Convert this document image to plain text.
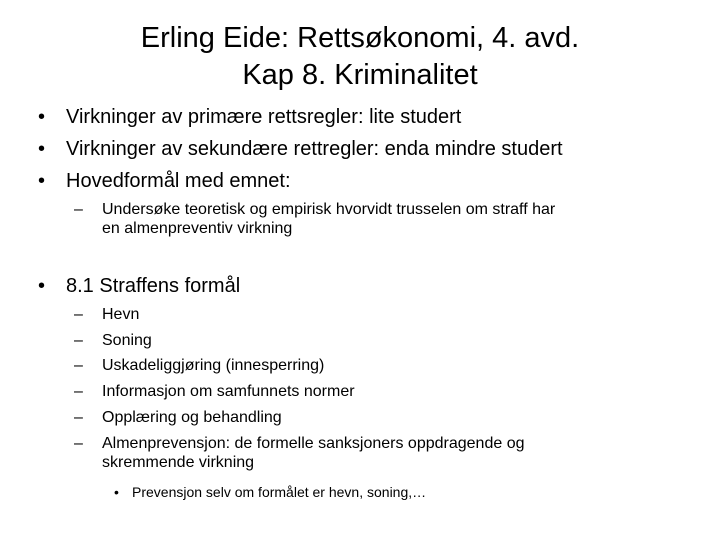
Erling Eide: Rettsøkonomi, 4. avd.
Kap 8. Kriminalitet
•	Virkninger av primære rettsregler: lite studert
•	Virkninger av sekundære rettregler: enda mindre studert
•	Hovedformål med emnet:
–	Undersøke teoretisk og empirisk hvorvidt trusselen om straff har
en almenpreventiv virkning
•	8.1 Straffens formål
–	Hevn
–	Soning
–	Uskadeliggjøring (innesperring)
–	Informasjon om samfunnets normer
–	Opplæring og behandling
–	Almenprevensjon: de formelle sanksjoners oppdragende og
skremmende virkning
• Prevensjon selv om formålet er hevn, soning,…
